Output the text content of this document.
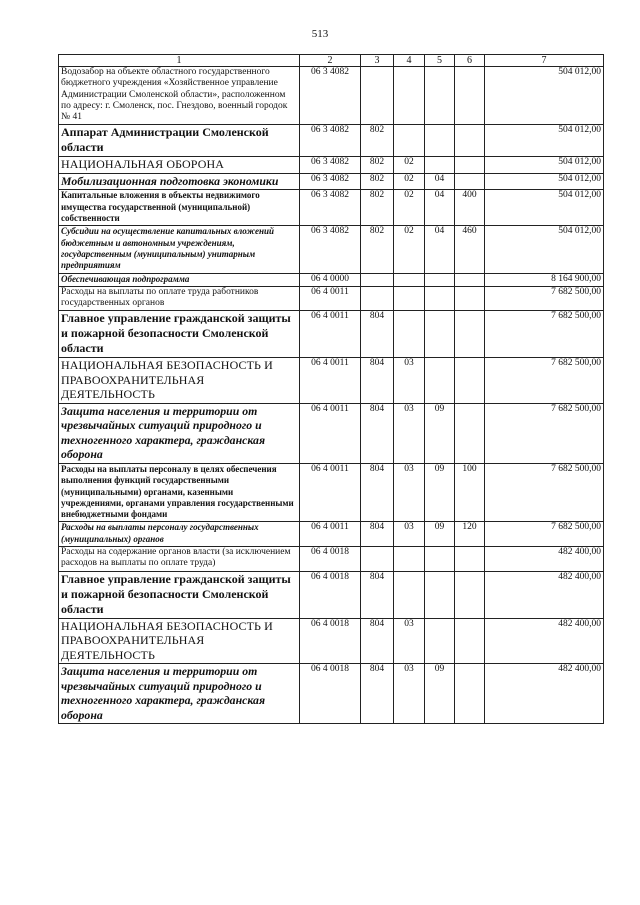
513
1	2	3	4	5	6	7
Водозабор на объекте областного государственного бюджетного учреждения «Хозяйственное управление Администрации Смоленской области», расположенном по адресу: г. Смоленск, пос. Гнездово, военный городок № 41	06 3 4082					504 012,00
Аппарат Администрации Смоленской области	06 3 4082	802				504 012,00
НАЦИОНАЛЬНАЯ ОБОРОНА	06 3 4082	802	02			504 012,00
Мобилизационная подготовка экономики	06 3 4082	802	02	04		504 012,00
Капитальные вложения в объекты недвижимого имущества государственной (муниципальной) собственности	06 3 4082	802	02	04	400	504 012,00
Субсидии на осуществление капитальных вложений бюджетным и автономным учреждениям, государственным (муниципальным) унитарным предприятиям	06 3 4082	802	02	04	460	504 012,00
Обеспечивающая подпрограмма	06 4 0000					8 164 900,00
Расходы на выплаты по оплате труда работников государственных органов	06 4 0011					7 682 500,00
Главное управление гражданской защиты и пожарной безопасности Смоленской области	06 4 0011	804				7 682 500,00
НАЦИОНАЛЬНАЯ БЕЗОПАСНОСТЬ И ПРАВООХРАНИТЕЛЬНАЯ ДЕЯТЕЛЬНОСТЬ	06 4 0011	804	03			7 682 500,00
Защита населения и территории от чрезвычайных ситуаций природного и техногенного характера, гражданская оборона	06 4 0011	804	03	09		7 682 500,00
Расходы на выплаты персоналу в целях обеспечения выполнения функций государственными (муниципальными) органами, казенными учреждениями, органами управления государственными внебюджетными фондами	06 4 0011	804	03	09	100	7 682 500,00
Расходы на выплаты персоналу государственных (муниципальных) органов	06 4 0011	804	03	09	120	7 682 500,00
Расходы на содержание органов власти (за исключением расходов на выплаты по оплате труда)	06 4 0018					482 400,00
Главное управление гражданской защиты и пожарной безопасности Смоленской области	06 4 0018	804				482 400,00
НАЦИОНАЛЬНАЯ БЕЗОПАСНОСТЬ И ПРАВООХРАНИТЕЛЬНАЯ ДЕЯТЕЛЬНОСТЬ	06 4 0018	804	03			482 400,00
Защита населения и территории от чрезвычайных ситуаций природного и техногенного характера, гражданская оборона	06 4 0018	804	03	09		482 400,00
